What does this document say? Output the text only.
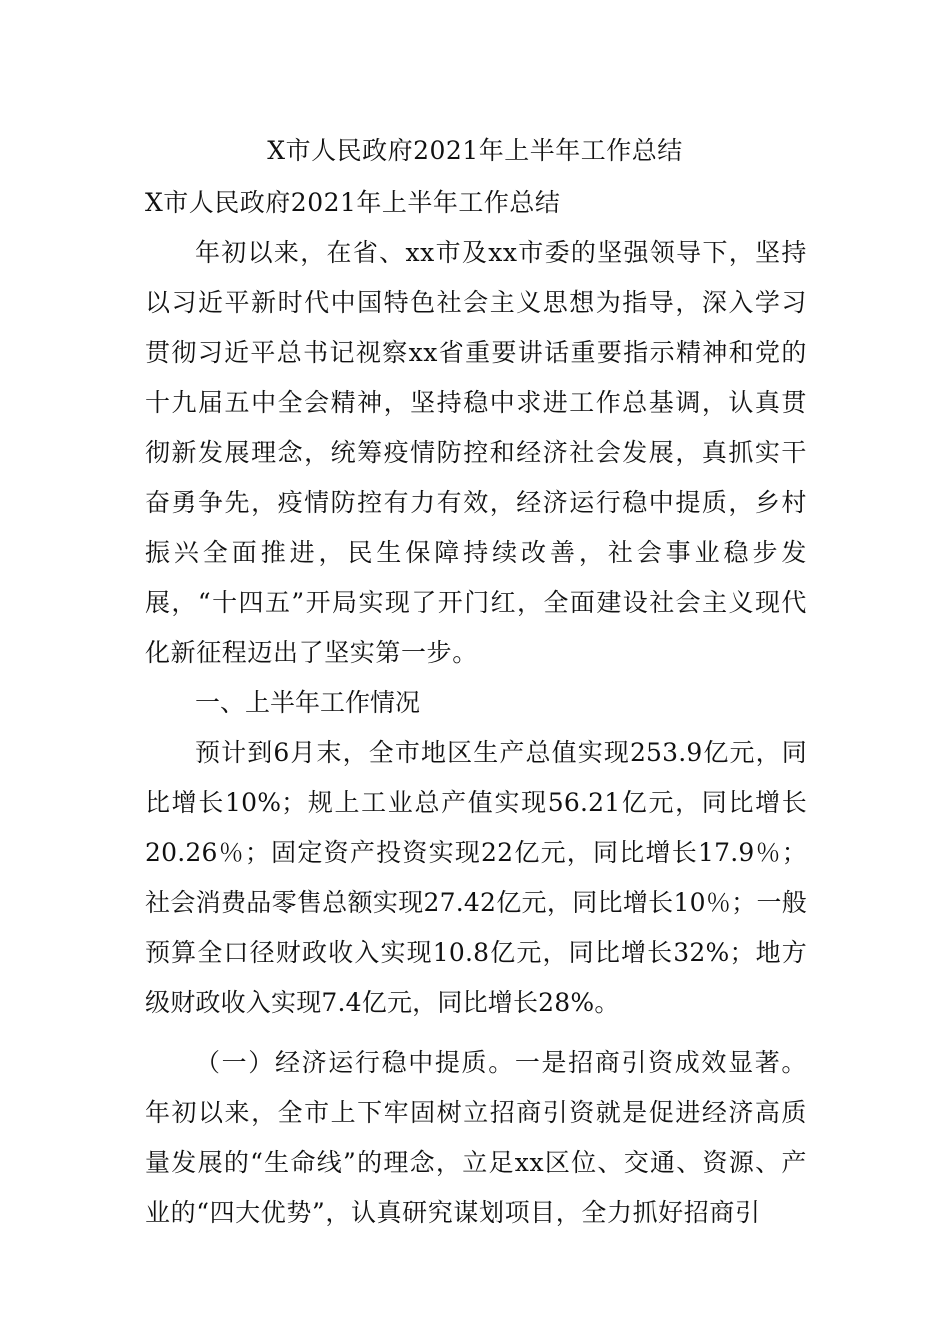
X市人民政府2021年上半年工作总结

X市人民政府2021年上半年工作总结

年初以来，在省、xx市及xx市委的坚强领导下，坚持以习近平新时代中国特色社会主义思想为指导，深入学习贯彻习近平总书记视察xx省重要讲话重要指示精神和党的十九届五中全会精神，坚持稳中求进工作总基调，认真贯彻新发展理念，统筹疫情防控和经济社会发展，真抓实干奋勇争先，疫情防控有力有效，经济运行稳中提质，乡村振兴全面推进，民生保障持续改善，社会事业稳步发展，“十四五”开局实现了开门红，全面建设社会主义现代化新征程迈出了坚实第一步。

一、上半年工作情况

预计到6月末，全市地区生产总值实现253.9亿元，同比增长10%；规上工业总产值实现56.21亿元，同比增长20.26％；固定资产投资实现22亿元，同比增长17.9％；社会消费品零售总额实现27.42亿元，同比增长10％；一般预算全口径财政收入实现10.8亿元，同比增长32%；地方级财政收入实现7.4亿元，同比增长28%。

（一）经济运行稳中提质。一是招商引资成效显著。年初以来，全市上下牢固树立招商引资就是促进经济高质量发展的“生命线”的理念，立足xx区位、交通、资源、产业的“四大优势”，认真研究谋划项目，全力抓好招商引
